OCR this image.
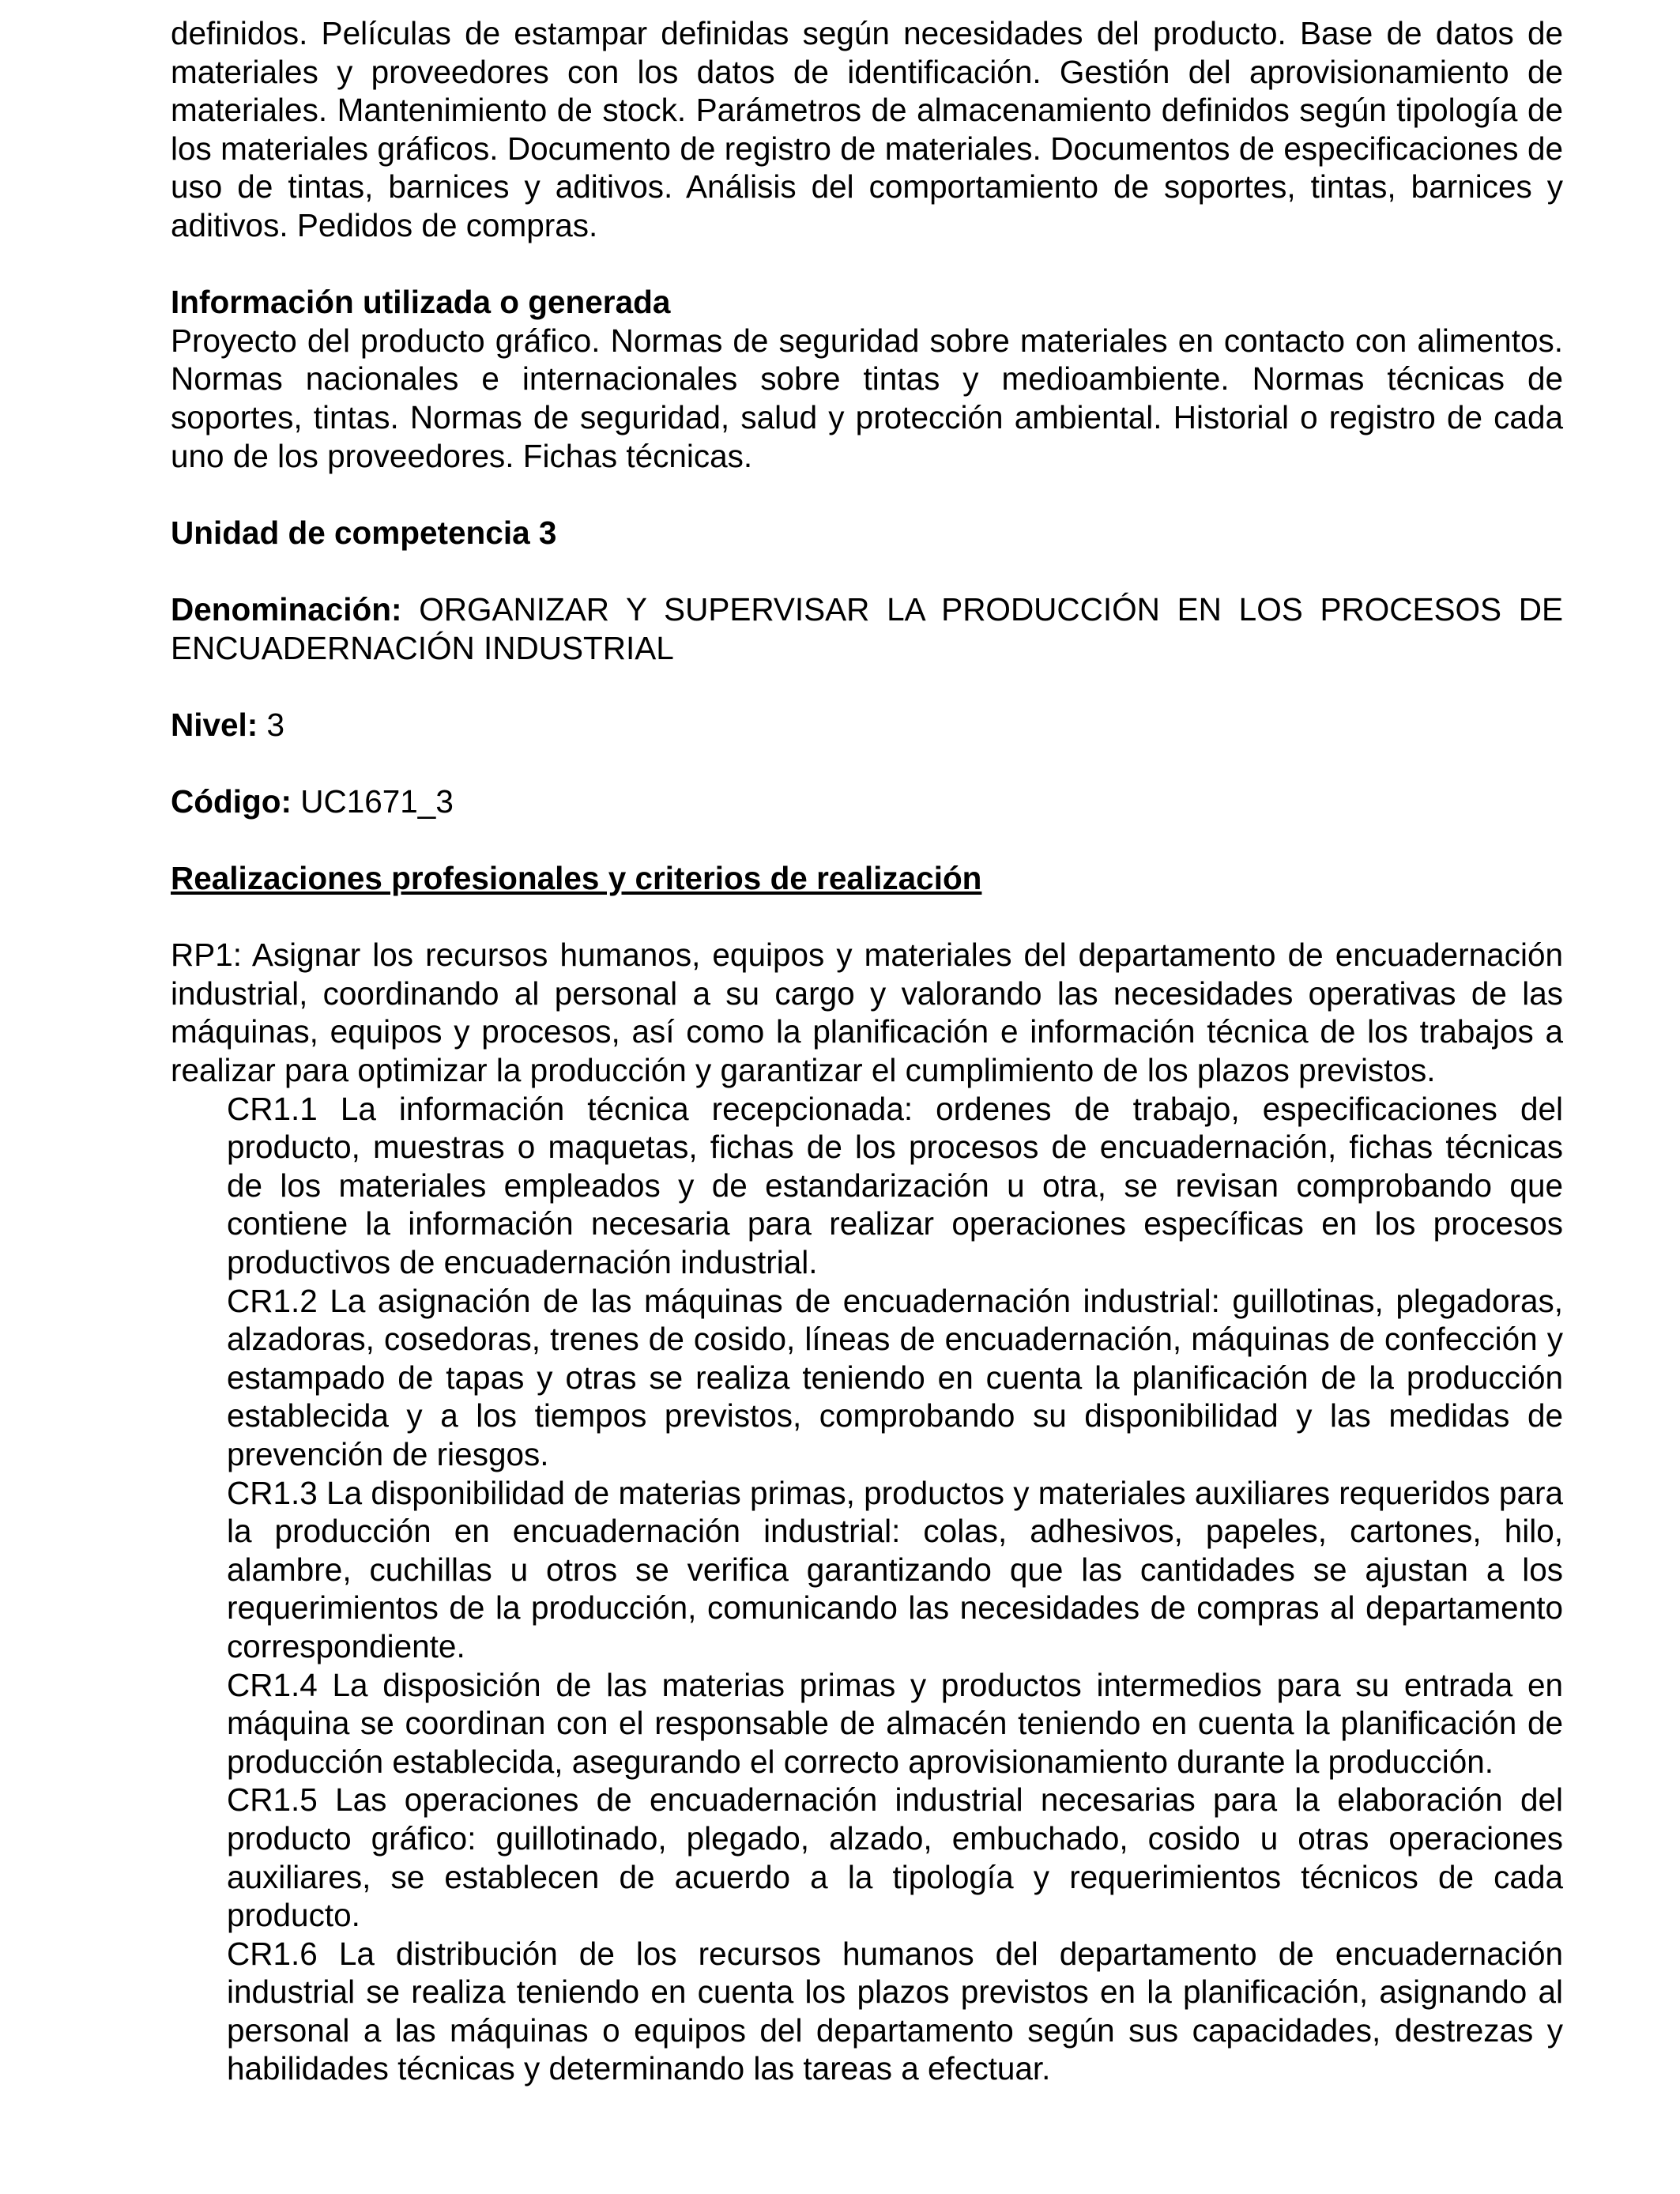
definidos. Películas de estampar definidas según necesidades del producto. Base de datos de materiales y proveedores con los datos de identificación. Gestión del aprovisionamiento de materiales. Mantenimiento de stock. Parámetros de almacenamiento definidos según tipología de los materiales gráficos. Documento de registro de materiales. Documentos de especificaciones de uso de tintas, barnices y aditivos. Análisis del comportamiento de soportes, tintas, barnices y aditivos. Pedidos de compras.

Información utilizada o generada

Proyecto del producto gráfico. Normas de seguridad sobre materiales en contacto con alimentos. Normas nacionales e internacionales sobre tintas y medioambiente. Normas técnicas de soportes, tintas. Normas de seguridad, salud y protección ambiental. Historial o registro de cada uno de los proveedores. Fichas técnicas.

Unidad de competencia 3

Denominación: ORGANIZAR Y SUPERVISAR LA PRODUCCIÓN EN LOS PROCESOS DE ENCUADERNACIÓN INDUSTRIAL

Nivel: 3

Código: UC1671_3

Realizaciones profesionales y criterios de realización

RP1: Asignar los recursos humanos, equipos y materiales del departamento de encuadernación industrial, coordinando al personal a su cargo y valorando las necesidades operativas de las máquinas, equipos y procesos, así como la planificación e información técnica de los trabajos a realizar para optimizar la producción y garantizar el cumplimiento de los plazos previstos.

CR1.1 La información técnica recepcionada: ordenes de trabajo, especificaciones del producto, muestras o maquetas, fichas de los procesos de encuadernación, fichas técnicas de los materiales empleados y de estandarización u otra, se revisan comprobando que contiene la información necesaria para realizar operaciones específicas en los procesos productivos de encuadernación industrial.

CR1.2 La asignación de las máquinas de encuadernación industrial: guillotinas, plegadoras, alzadoras, cosedoras, trenes de cosido, líneas de encuadernación, máquinas de confección y estampado de tapas y otras se realiza teniendo en cuenta la planificación de la producción establecida y a los tiempos previstos, comprobando su disponibilidad y las medidas de prevención de riesgos.

CR1.3 La disponibilidad de materias primas, productos y materiales auxiliares requeridos para la producción en encuadernación industrial: colas, adhesivos, papeles, cartones, hilo, alambre, cuchillas u otros se verifica garantizando que las cantidades se ajustan a los requerimientos de la producción, comunicando las necesidades de compras al departamento correspondiente.

CR1.4 La disposición de las materias primas y productos intermedios para su entrada en máquina se coordinan con el responsable de almacén teniendo en cuenta la planificación de producción establecida, asegurando el correcto aprovisionamiento durante la producción.

CR1.5 Las operaciones de encuadernación industrial necesarias para la elaboración del producto gráfico: guillotinado, plegado, alzado, embuchado, cosido u otras operaciones auxiliares, se establecen de acuerdo a la tipología y requerimientos técnicos de cada producto.

CR1.6 La distribución de los recursos humanos del departamento de encuadernación industrial se realiza teniendo en cuenta los plazos previstos en la planificación, asignando al personal a las máquinas o equipos del departamento según sus capacidades, destrezas y habilidades técnicas y determinando las tareas a efectuar.
